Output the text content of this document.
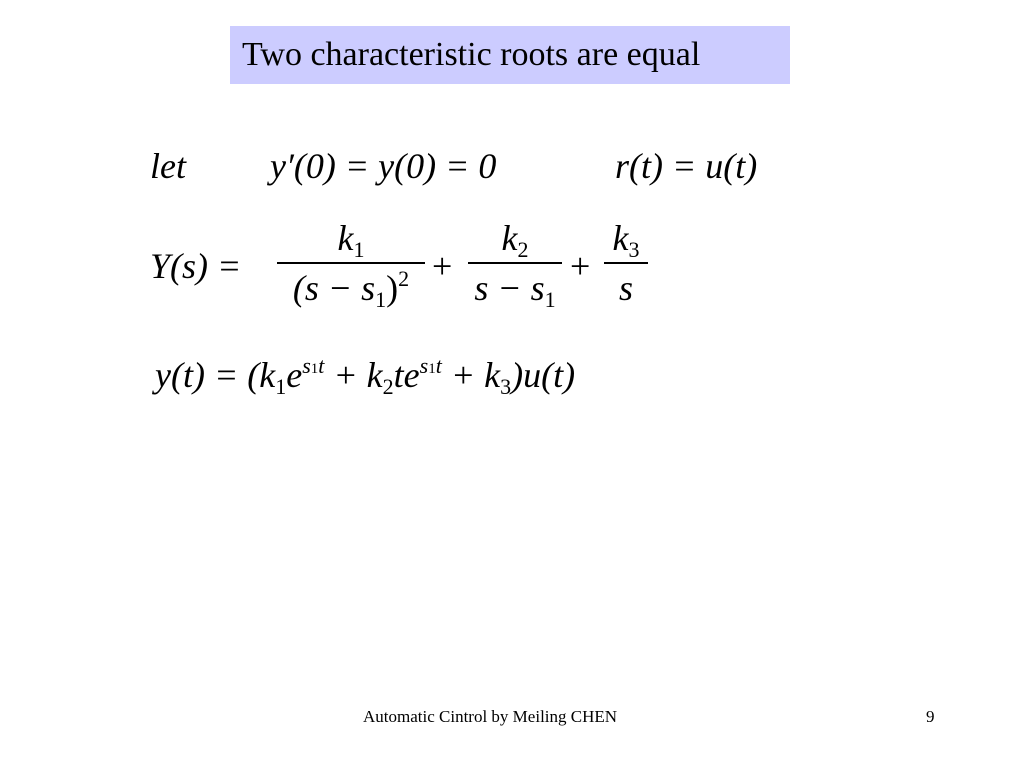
Two characteristic roots are equal
let y′(0) = y(0) = 0	r(t) = u(t)
Y(s) =
$k_1$
$(s - s_1)^2$ +
$k_2$
$s - s_1$
+
$k_3$
s
$y(t) = (k_1e^{s1t} + k_2te^{s1t} + k_3)u(t)$
Automatic Cintrol by Meiling CHEN	9
